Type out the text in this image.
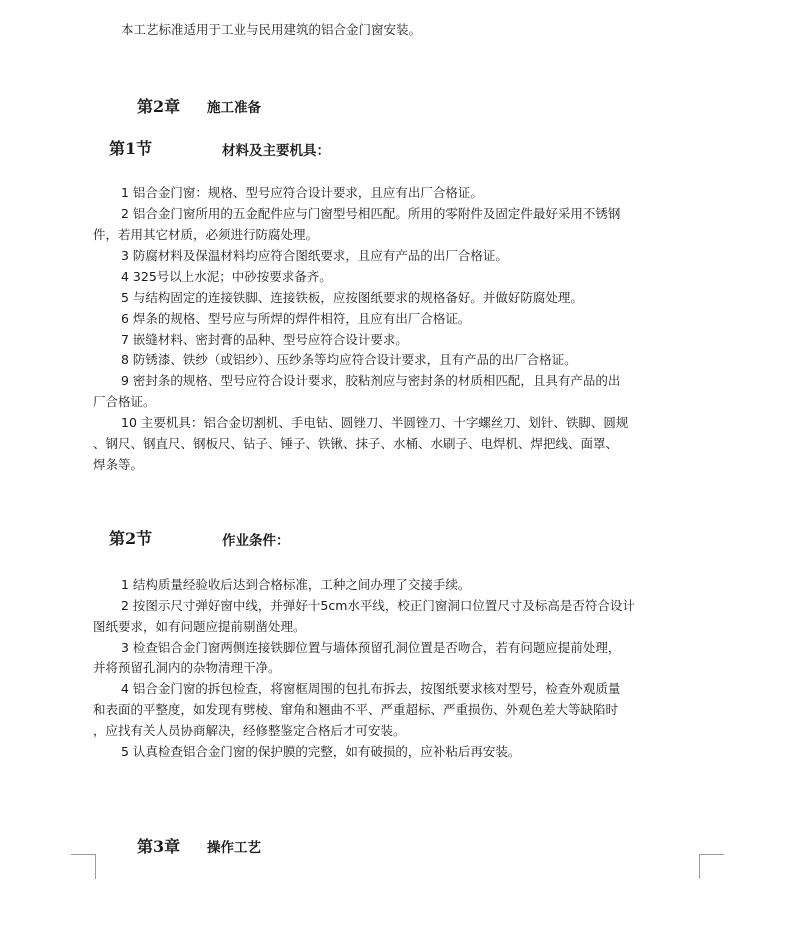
本工艺标准适用于工业与民用建筑的铝合金门窗安装。
第2章 施工准备
第1节	材料及主要机具：
1 铝合金门窗：规格、型号应符合设计要求，且应有出厂合格证。
2 铝合金门窗所用的五金配件应与门窗型号相匹配。所用的零附件及固定件最好采用不锈钢
件，若用其它材质，必须进行防腐处理。
3 防腐材料及保温材料均应符合图纸要求，且应有产品的出厂合格证。
4 325号以上水泥；中砂按要求备齐。
5 与结构固定的连接铁脚、连接铁板，应按图纸要求的规格备好。并做好防腐处理。
6 焊条的规格、型号应与所焊的焊件相符，且应有出厂合格证。
7 嵌缝材料、密封膏的品种、型号应符合设计要求。
8 防锈漆、铁纱（或铝纱）、压纱条等均应符合设计要求，且有产品的出厂合格证。
9 密封条的规格、型号应符合设计要求，胶粘剂应与密封条的材质相匹配，且具有产品的出
厂合格证。
10 主要机具：铝合金切割机、手电钻、圆锉刀、半圆锉刀、十字螺丝刀、划针、铁脚、圆规
、钢尺、钢直尺、钢板尺、钻子、锤子、铁锹、抹子、水桶、水刷子、电焊机、焊把线、面罩、
焊条等。
第2节	作业条件：
1 结构质量经验收后达到合格标准，工种之间办理了交接手续。
2 按图示尺寸弹好窗中线，并弹好十5cm水平线，校正门窗洞口位置尺寸及标高是否符合设计
图纸要求，如有问题应提前剔凿处理。
3 检查铝合金门窗两侧连接铁脚位置与墙体预留孔洞位置是否吻合，若有问题应提前处理，
并将预留孔洞内的杂物清理干净。
4 铝合金门窗的拆包检查，将窗框周围的包扎布拆去，按图纸要求核对型号，检查外观质量
和表面的平整度，如发现有劈棱、窜角和翘曲不平、严重超标、严重损伤、外观色差大等缺陷时
，应找有关人员协商解决，经修整鉴定合格后才可安装。
5 认真检查铝合金门窗的保护膜的完整，如有破损的，应补粘后再安装。
第3章 操作工艺
